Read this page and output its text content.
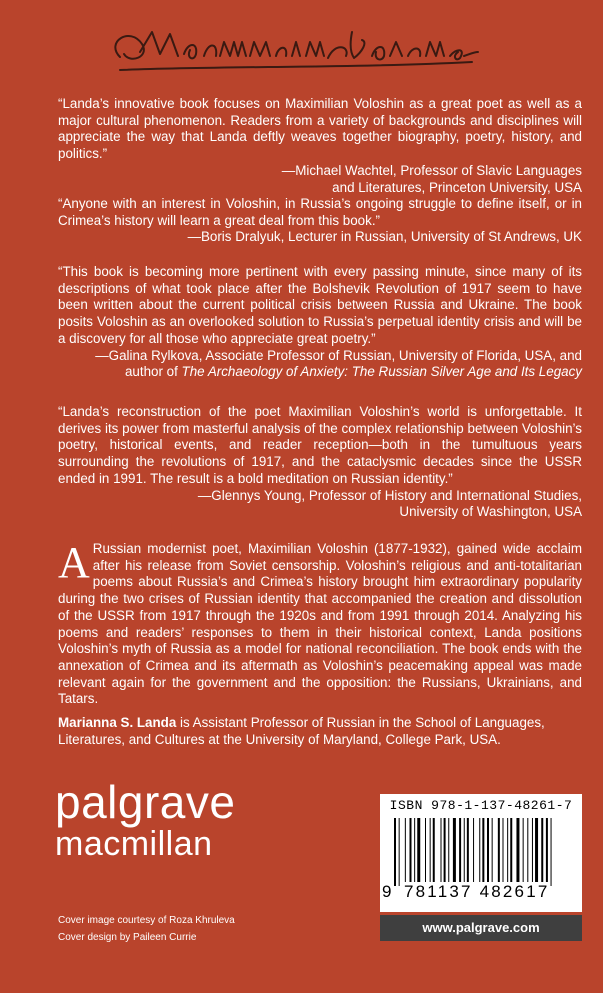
“Landa’s innovative book focuses on Maximilian Voloshin as a great poet as well as a major cultural phenomenon. Readers from a variety of backgrounds and disciplines will appreciate the way that Landa deftly weaves together biography, poetry, history, and politics.”

—Michael Wachtel, Professor of Slavic Languages

and Literatures, Princeton University, USA

“Anyone with an interest in Voloshin, in Russia’s ongoing struggle to define itself, or in Crimea’s history will learn a great deal from this book.”

—Boris Dralyuk, Lecturer in Russian, University of St Andrews, UK

“This book is becoming more pertinent with every passing minute, since many of its descriptions of what took place after the Bolshevik Revolution of 1917 seem to have been written about the current political crisis between Russia and Ukraine. The book posits Voloshin as an overlooked solution to Russia’s perpetual identity crisis and will be a discovery for all those who appreciate great poetry.”

—Galina Rylkova, Associate Professor of Russian, University of Florida, USA, and

author of The Archaeology of Anxiety: The Russian Silver Age and Its Legacy

“Landa’s reconstruction of the poet Maximilian Voloshin’s world is unforgettable. It derives its power from masterful analysis of the complex relationship between Voloshin’s poetry, historical events, and reader reception—both in the tumultuous years surrounding the revolutions of 1917, and the cataclysmic decades since the USSR ended in 1991. The result is a bold meditation on Russian identity.”

—Glennys Young, Professor of History and International Studies,

University of Washington, USA

A Russian modernist poet, Maximilian Voloshin (1877-1932), gained wide acclaim after his release from Soviet censorship. Voloshin’s religious and anti-totalitarian poems about Russia’s and Crimea’s history brought him extraordinary popularity during the two crises of Russian identity that accompanied the creation and dissolution of the USSR from 1917 through the 1920s and from 1991 through 2014. Analyzing his poems and readers’ responses to them in their historical context, Landa positions Voloshin’s myth of Russia as a model for national reconciliation. The book ends with the annexation of Crimea and its aftermath as Voloshin’s peacemaking appeal was made relevant again for the government and the opposition: the Russians, Ukrainians, and Tatars.
Marianna S. Landa is Assistant Professor of Russian in the School of Languages, Literatures, and Cultures at the University of Maryland, College Park, USA.
palgrave
macmillan
Cover image courtesy of Roza Khruleva
Cover design by Paileen Currie
ISBN 978-1-137-48261-7
9 781137 482617
www.palgrave.com
